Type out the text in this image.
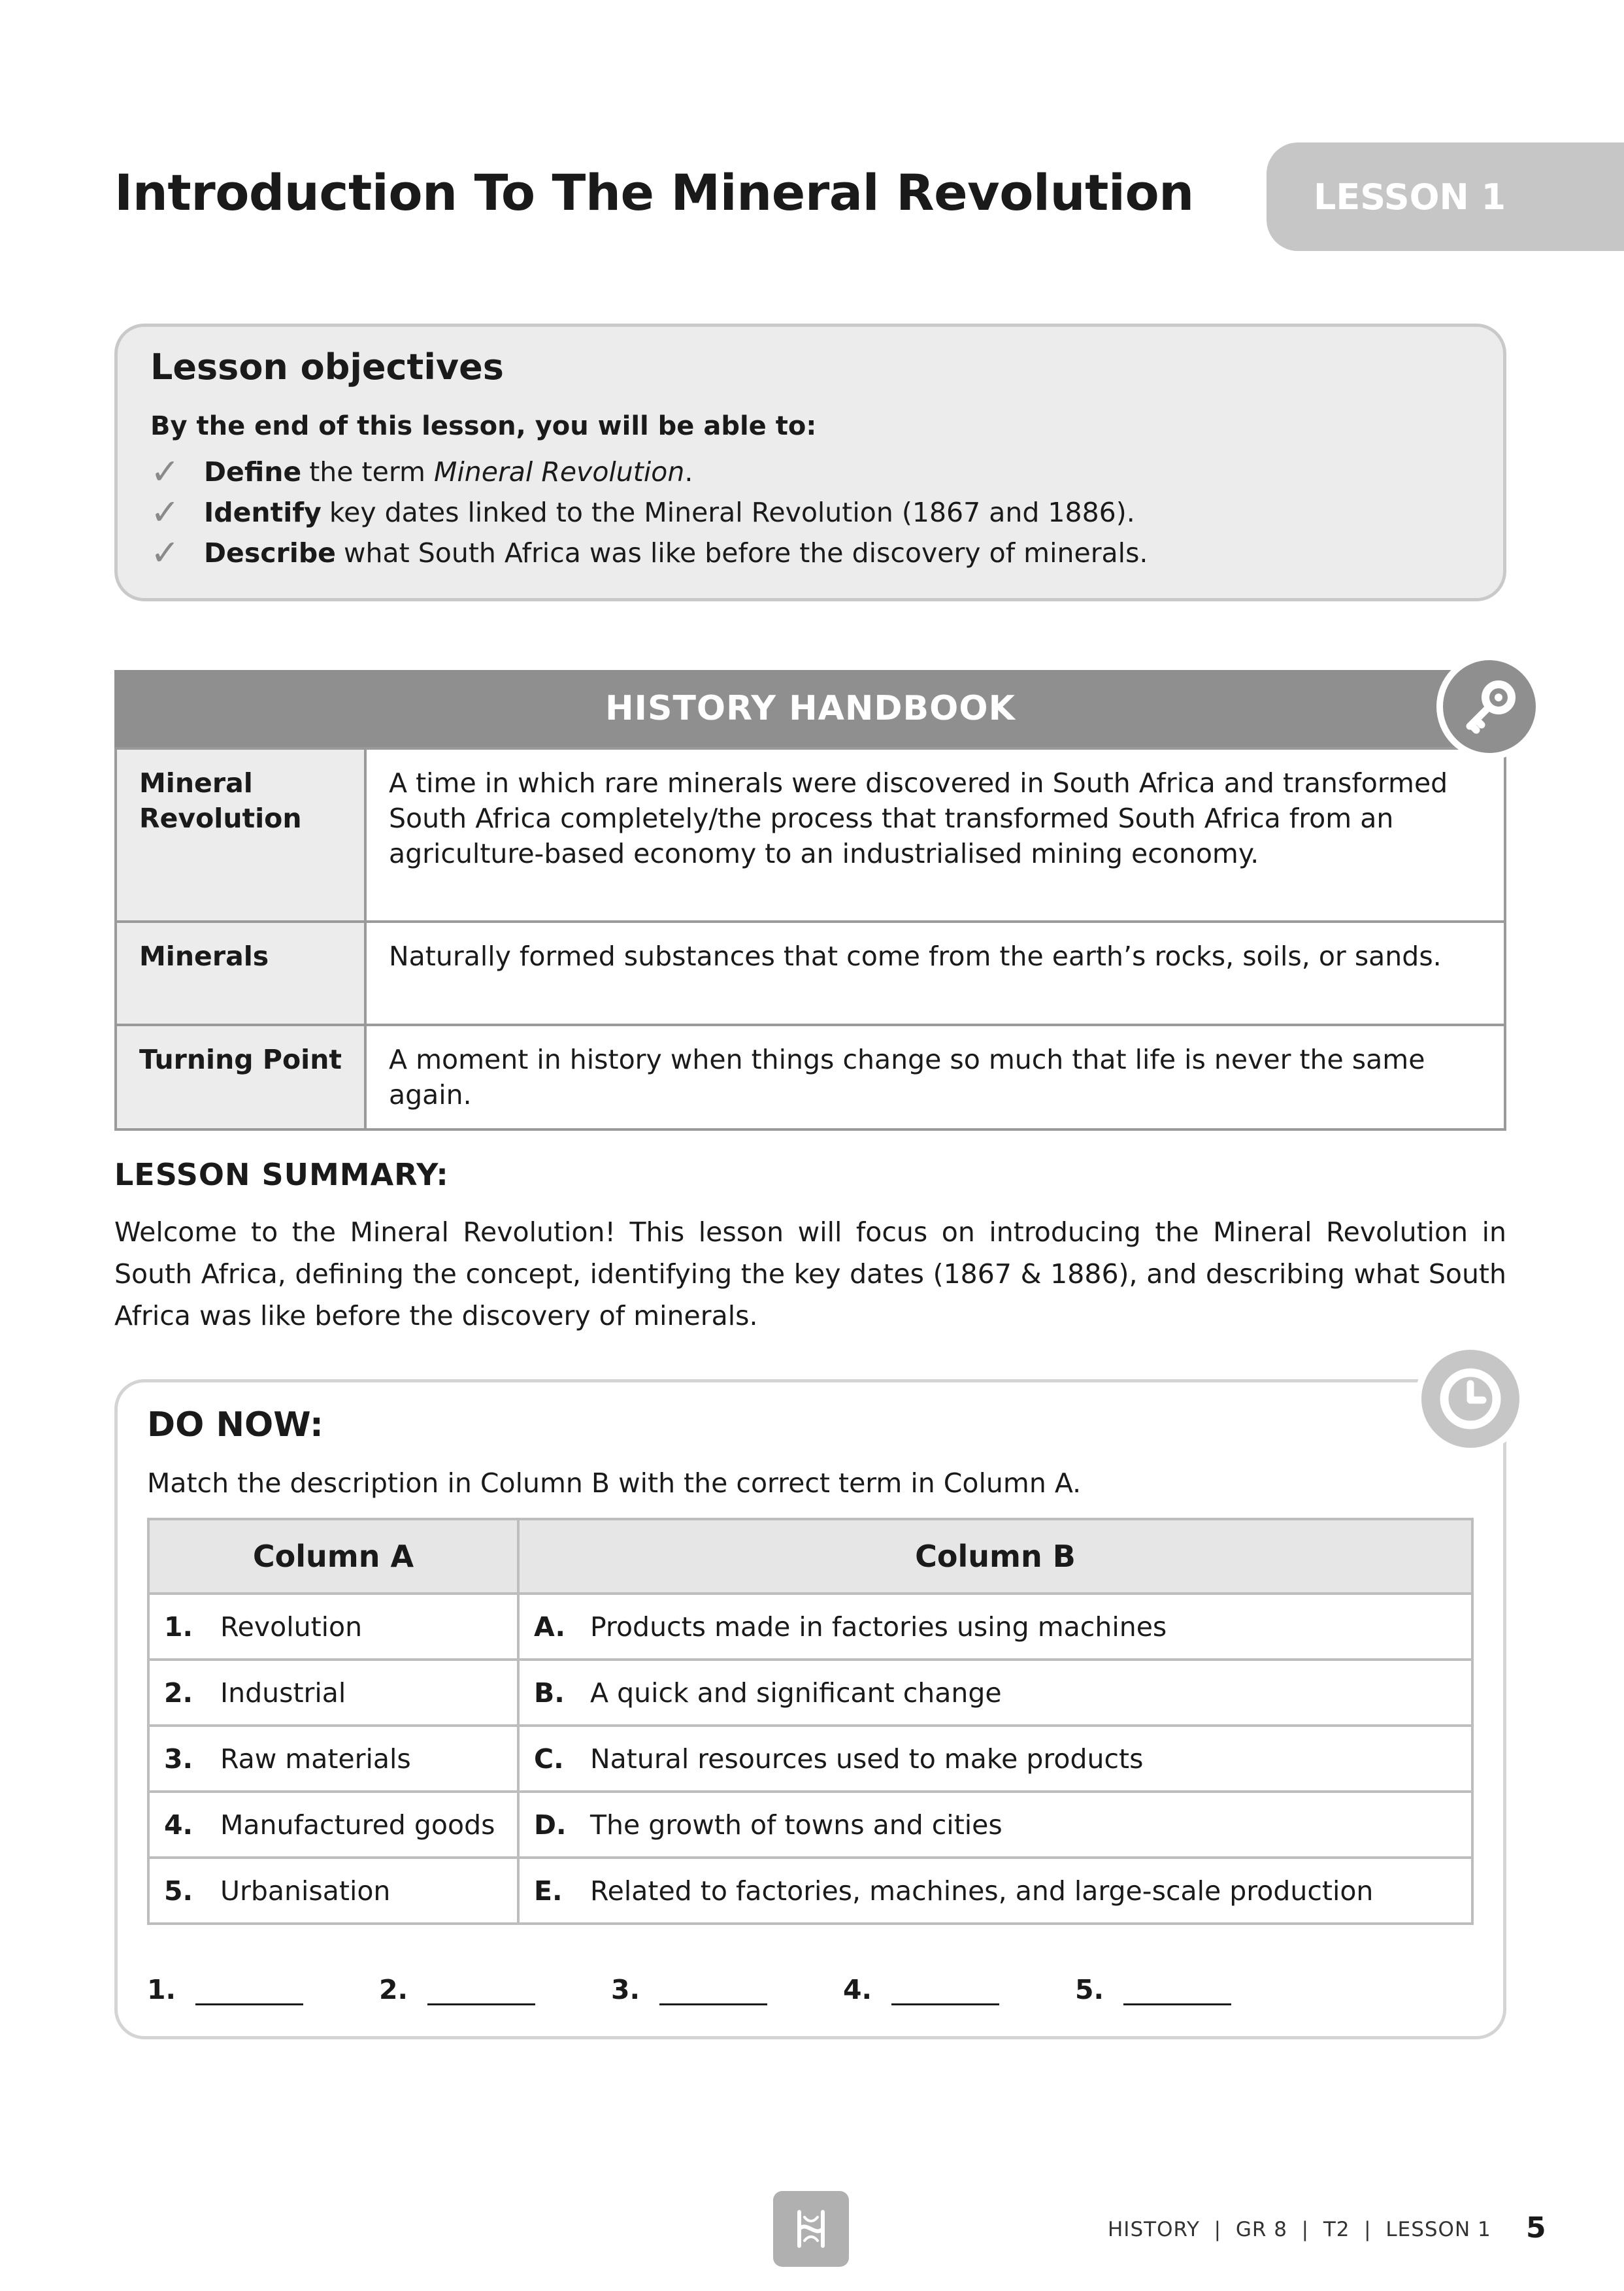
Introduction To The Mineral Revolution	LESSON 1
Lesson objectives

By the end of this lesson, you will be able to:

✓ Define the term Mineral Revolution .
✓ Identify key dates linked to the Mineral Revolution (1867 and 1886).
✓ Describe what South Africa was like before the discovery of minerals.
HISTORY HANDBOOK
Mineral Revolution	A time in which rare minerals were discovered in South Africa and transformed South Africa completely/the process that transformed South Africa from an agriculture-based economy to an industrialised mining economy.
Minerals	Naturally formed substances that come from the earth’s rocks, soils, or sands.
Turning Point	A moment in history when things change so much that life is never the same again.
LESSON SUMMARY:
Welcome to the Mineral Revolution! This lesson will focus on introducing the Mineral Revolution in South Africa, defining the concept, identifying the key dates (1867 & 1886), and describing what South Africa was like before the discovery of minerals.
DO NOW:
Match the description in Column B with the correct term in Column A.
Column A	Column B
1. Revolution	A. Products made in factories using machines
2. Industrial	B. A quick and significant change
3. Raw materials	C. Natural resources used to make products
4. Manufactured goods	D. The growth of towns and cities
5. Urbanisation	E. Related to factories, machines, and large-scale production
1.	2.	3.	4.	5.
HISTORY  |  GR 8  |  T2  |  LESSON 1 5
